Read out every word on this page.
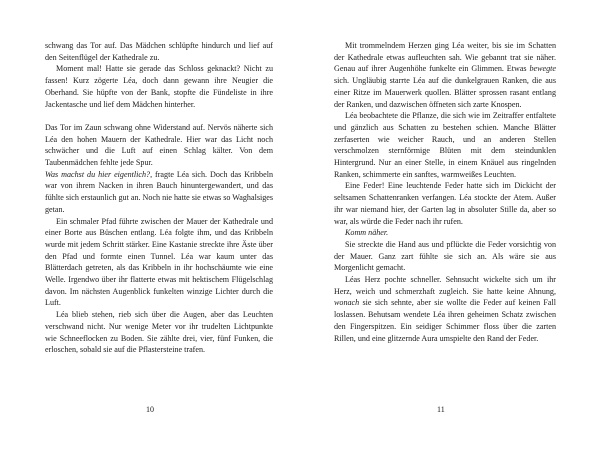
schwang das Tor auf. Das Mädchen schlüpfte hindurch und lief auf den Seitenflügel der Kathedrale zu.

Moment mal! Hatte sie gerade das Schloss geknackt? Nicht zu fassen! Kurz zögerte Léa, doch dann gewann ihre Neugier die Oberhand. Sie hüpfte von der Bank, stopfte die Fündeliste in ihre Jackentasche und lief dem Mädchen hinterher.

Das Tor im Zaun schwang ohne Widerstand auf. Nervös näherte sich Léa den hohen Mauern der Kathedrale. Hier war das Licht noch schwächer und die Luft auf einen Schlag kälter. Von dem Taubenmädchen fehlte jede Spur.

Was machst du hier eigentlich?, fragte Léa sich. Doch das Kribbeln war von ihrem Nacken in ihren Bauch hinuntergewandert, und das fühlte sich erstaunlich gut an. Noch nie hatte sie etwas so Waghalsiges getan.

Ein schmaler Pfad führte zwischen der Mauer der Kathedrale und einer Borte aus Büschen entlang. Léa folgte ihm, und das Kribbeln wurde mit jedem Schritt stärker. Eine Kastanie streckte ihre Äste über den Pfad und formte einen Tunnel. Léa war kaum unter das Blätterdach getreten, als das Kribbeln in ihr hochschäumte wie eine Welle. Irgendwo über ihr flatterte etwas mit hektischem Flügelschlag davon. Im nächsten Augenblick funkelten winzige Lichter durch die Luft.

Léa blieb stehen, rieb sich über die Augen, aber das Leuchten verschwand nicht. Nur wenige Meter vor ihr trudelten Lichtpunkte wie Schneeflocken zu Boden. Sie zählte drei, vier, fünf Funken, die erloschen, sobald sie auf die Pflastersteine trafen.

Mit trommelndem Herzen ging Léa weiter, bis sie im Schatten der Kathedrale etwas aufleuchten sah. Wie gebannt trat sie näher. Genau auf ihrer Augenhöhe funkelte ein Glimmen. Etwas bewegte sich. Ungläubig starrte Léa auf die dunkelgrauen Ranken, die aus einer Ritze im Mauerwerk quollen. Blätter sprossen rasant entlang der Ranken, und dazwischen öffneten sich zarte Knospen.

Léa beobachtete die Pflanze, die sich wie im Zeitraffer entfaltete und gänzlich aus Schatten zu bestehen schien. Manche Blätter zerfaserten wie weicher Rauch, und an anderen Stellen verschmolzen sternförmige Blüten mit dem steindunklen Hintergrund. Nur an einer Stelle, in einem Knäuel aus ringelnden Ranken, schimmerte ein sanftes, warmweißes Leuchten.

Eine Feder! Eine leuchtende Feder hatte sich im Dickicht der seltsamen Schattenranken verfangen. Léa stockte der Atem. Außer ihr war niemand hier, der Garten lag in absoluter Stille da, aber so war, als würde die Feder nach ihr rufen.

Komm näher.

Sie streckte die Hand aus und pflückte die Feder vorsichtig von der Mauer. Ganz zart fühlte sie sich an. Als wäre sie aus Morgenlicht gemacht.

Léas Herz pochte schneller. Sehnsucht wickelte sich um ihr Herz, weich und schmerzhaft zugleich. Sie hatte keine Ahnung, wonach sie sich sehnte, aber sie wollte die Feder auf keinen Fall loslassen. Behutsam wendete Léa ihren geheimen Schatz zwischen den Fingerspitzen. Ein seidiger Schimmer floss über die zarten Rillen, und eine glitzernde Aura umspielte den Rand der Feder.

10	11
